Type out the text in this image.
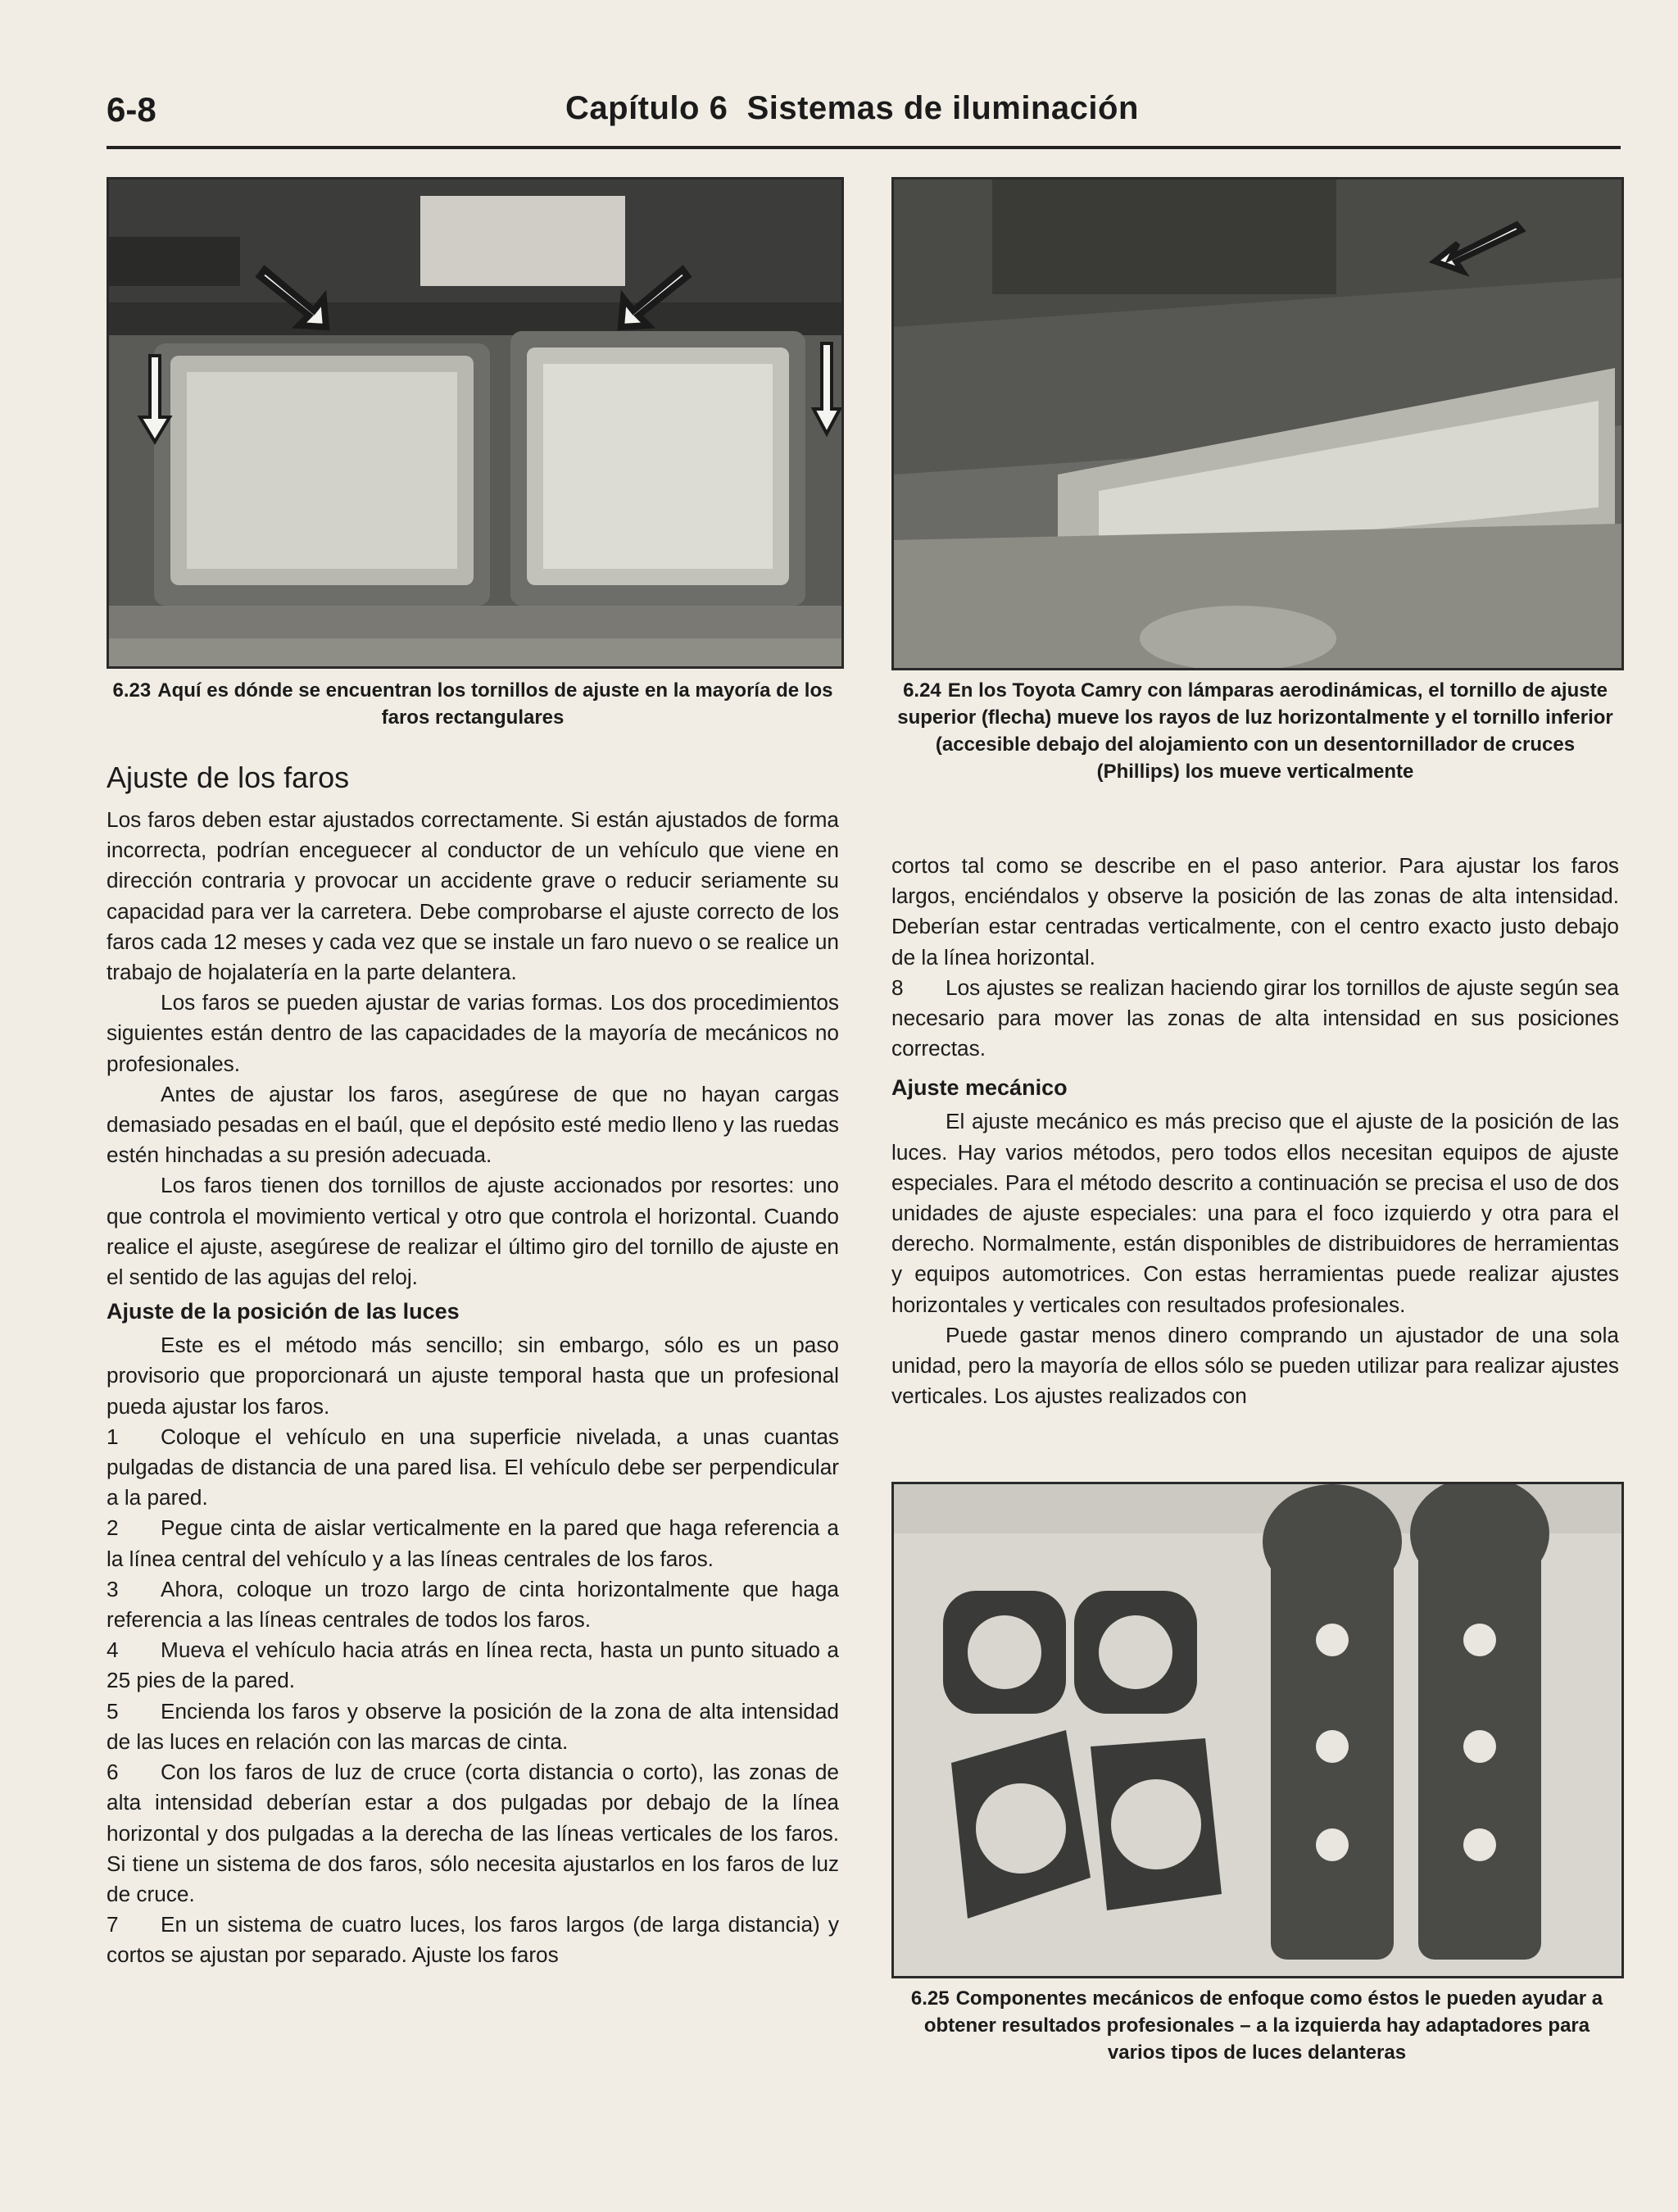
6-8	Capítulo 6  Sistemas de iluminación
6.23 Aquí es dónde se encuentran los tornillos de ajuste en la mayoría de los faros rectangulares
6.24 En los Toyota Camry con lámparas aerodinámicas, el tornillo de ajuste superior (flecha) mueve los rayos de luz horizontalmente y el tornillo inferior (accesible debajo del alojamiento con un desentornillador de cruces (Phillips) los mueve verticalmente
Ajuste de los faros

Los faros deben estar ajustados correctamente. Si están ajustados de forma incorrecta, podrían enceguecer al conductor de un vehículo que viene en dirección contraria y provocar un accidente grave o reducir seriamente su capacidad para ver la carretera. Debe comprobarse el ajuste correcto de los faros cada 12 meses y cada vez que se instale un faro nuevo o se realice un trabajo de hojalatería en la parte delantera.

Los faros se pueden ajustar de varias formas. Los dos procedimientos siguientes están dentro de las capacidades de la mayoría de mecánicos no profesionales.

Antes de ajustar los faros, asegúrese de que no hayan cargas demasiado pesadas en el baúl, que el depósito esté medio lleno y las ruedas estén hinchadas a su presión adecuada.

Los faros tienen dos tornillos de ajuste accionados por resortes: uno que controla el movimiento vertical y otro que controla el horizontal. Cuando realice el ajuste, asegúrese de realizar el último giro del tornillo de ajuste en el sentido de las agujas del reloj.

Ajuste de la posición de las luces

Este es el método más sencillo; sin embargo, sólo es un paso provisorio que proporcionará un ajuste temporal hasta que un profesional pueda ajustar los faros.

1 Coloque el vehículo en una superficie nivelada, a unas cuantas pulgadas de distancia de una pared lisa. El vehículo debe ser perpendicular a la pared.

2 Pegue cinta de aislar verticalmente en la pared que haga referencia a la línea central del vehículo y a las líneas centrales de los faros.

3 Ahora, coloque un trozo largo de cinta horizontalmente que haga referencia a las líneas centrales de todos los faros.

4 Mueva el vehículo hacia atrás en línea recta, hasta un punto situado a 25 pies de la pared.

5 Encienda los faros y observe la posición de la zona de alta intensidad de las luces en relación con las marcas de cinta.

6 Con los faros de luz de cruce (corta distancia o corto), las zonas de alta intensidad deberían estar a dos pulgadas por debajo de la línea horizontal y dos pulgadas a la derecha de las líneas verticales de los faros. Si tiene un sistema de dos faros, sólo necesita ajustarlos en los faros de luz de cruce.

7 En un sistema de cuatro luces, los faros largos (de larga distancia) y cortos se ajustan por separado. Ajuste los faros

cortos tal como se describe en el paso anterior. Para ajustar los faros largos, enciéndalos y observe la posición de las zonas de alta intensidad. Deberían estar centradas verticalmente, con el centro exacto justo debajo de la línea horizontal.

8 Los ajustes se realizan haciendo girar los tornillos de ajuste según sea necesario para mover las zonas de alta intensidad en sus posiciones correctas.

Ajuste mecánico

El ajuste mecánico es más preciso que el ajuste de la posición de las luces. Hay varios métodos, pero todos ellos necesitan equipos de ajuste especiales. Para el método descrito a continuación se precisa el uso de dos unidades de ajuste especiales: una para el foco izquierdo y otra para el derecho. Normalmente, están disponibles de distribuidores de herramientas y equipos automotrices. Con estas herramientas puede realizar ajustes horizontales y verticales con resultados profesionales.

Puede gastar menos dinero comprando un ajustador de una sola unidad, pero la mayoría de ellos sólo se pueden utilizar para realizar ajustes verticales. Los ajustes realizados con

6.25 Componentes mecánicos de enfoque como éstos le pueden ayudar a obtener resultados profesionales – a la izquierda hay adaptadores para varios tipos de luces delanteras
